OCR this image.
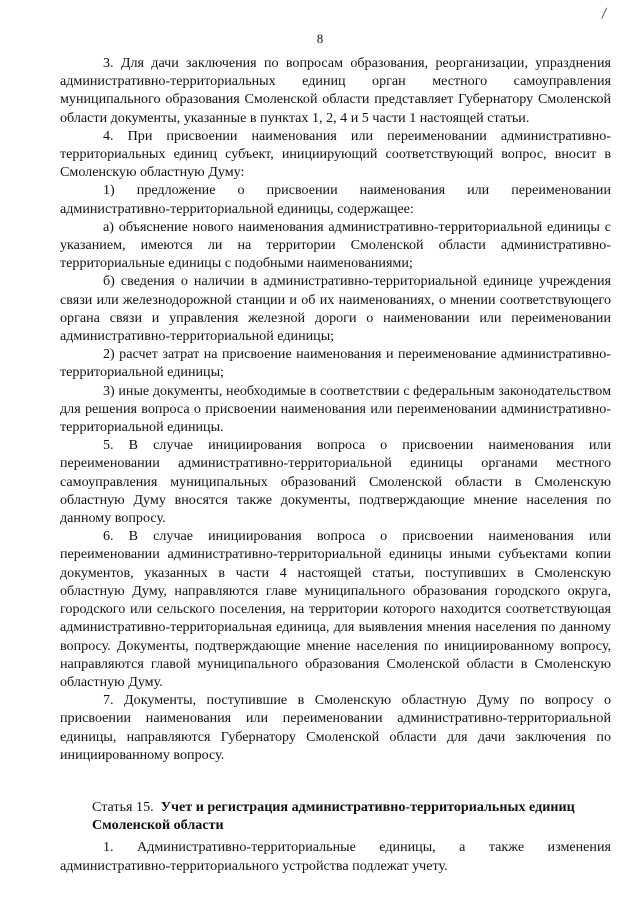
8

3. Для дачи заключения по вопросам образования, реорганизации, упразднения административно-территориальных единиц орган местного самоуправления муниципального образования Смоленской области представляет Губернатору Смоленской области документы, указанные в пунктах 1, 2, 4 и 5 части 1 настоящей статьи.

4. При присвоении наименования или переименовании административно-территориальных единиц субъект, инициирующий соответствующий вопрос, вносит в Смоленскую областную Думу:

1) предложение о присвоении наименования или переименовании административно-территориальной единицы, содержащее:

а) объяснение нового наименования административно-территориальной единицы с указанием, имеются ли на территории Смоленской области административно-территориальные единицы с подобными наименованиями;

б) сведения о наличии в административно-территориальной единице учреждения связи или железнодорожной станции и об их наименованиях, о мнении соответствующего органа связи и управления железной дороги о наименовании или переименовании административно-территориальной единицы;

2) расчет затрат на присвоение наименования и переименование административно-территориальной единицы;

3) иные документы, необходимые в соответствии с федеральным законодательством для решения вопроса о присвоении наименования или переименовании административно-территориальной единицы.

5. В случае инициирования вопроса о присвоении наименования или переименовании административно-территориальной единицы органами местного самоуправления муниципальных образований Смоленской области в Смоленскую областную Думу вносятся также документы, подтверждающие мнение населения по данному вопросу.

6. В случае инициирования вопроса о присвоении наименования или переименовании административно-территориальной единицы иными субъектами копии документов, указанных в части 4 настоящей статьи, поступивших в Смоленскую областную Думу, направляются главе муниципального образования городского округа, городского или сельского поселения, на территории которого находится соответствующая административно-территориальная единица, для выявления мнения населения по данному вопросу. Документы, подтверждающие мнение населения по инициированному вопросу, направляются главой муниципального образования Смоленской области в Смоленскую областную Думу.

7. Документы, поступившие в Смоленскую областную Думу по вопросу о присвоении наименования или переименовании административно-территориальной единицы, направляются Губернатору Смоленской области для дачи заключения по инициированному вопросу.

Статья 15. Учет и регистрация административно-территориальных единиц Смоленской области

1. Административно-территориальные единицы, а также изменения административно-территориального устройства подлежат учету.
